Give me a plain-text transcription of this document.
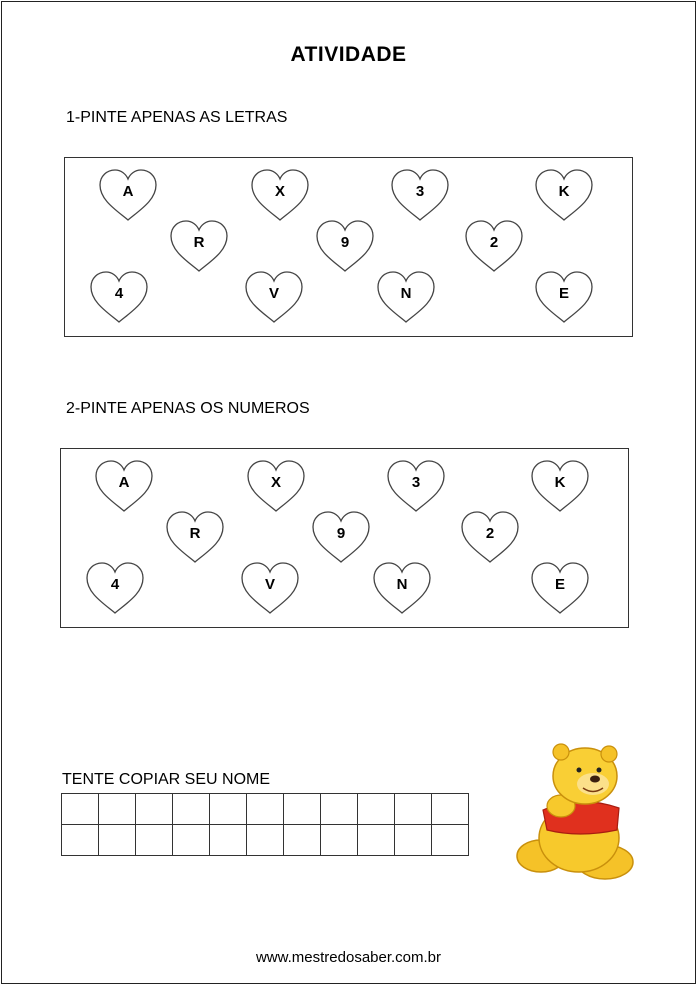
ATIVIDADE
1-PINTE APENAS AS LETRAS
A	X	3	K
R	9	2
4	V	N	E
2-PINTE APENAS OS NUMEROS
A	X	3	K
R	9	2
4	V	N	E
TENTE COPIAR SEU NOME

www.mestredosaber.com.br
